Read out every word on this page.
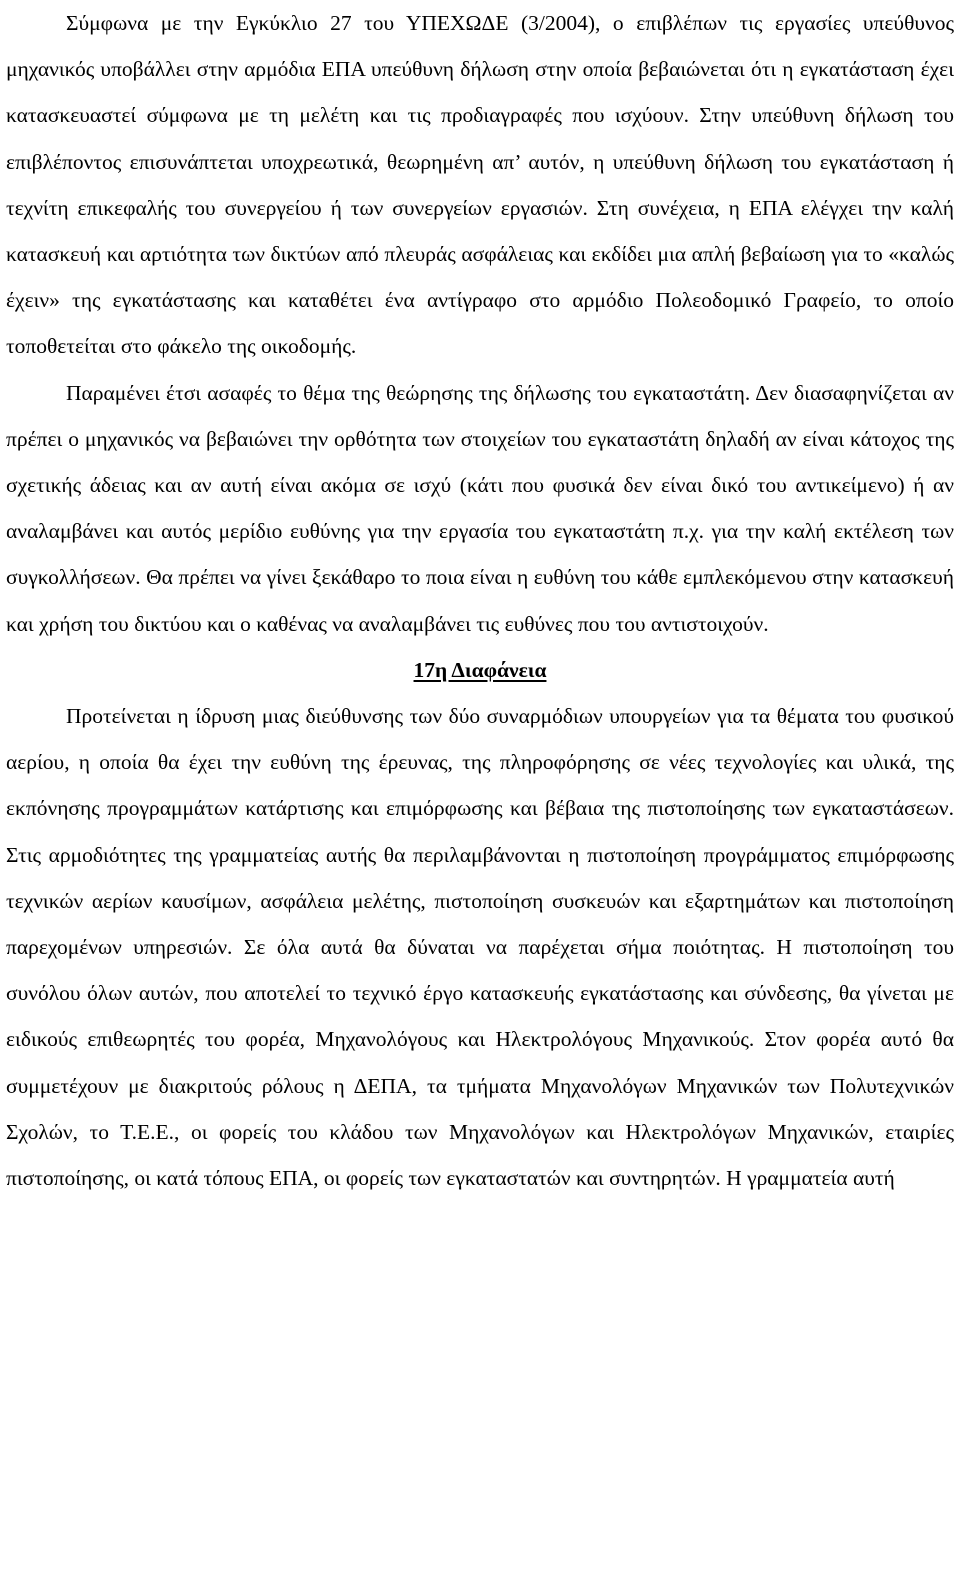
Σύμφωνα με την Εγκύκλιο 27 του ΥΠΕΧΩΔΕ (3/2004), ο επιβλέπων τις εργασίες υπεύθυνος μηχανικός υποβάλλει στην αρμόδια ΕΠΑ υπεύθυνη δήλωση στην οποία βεβαιώνεται ότι η εγκατάσταση έχει κατασκευαστεί σύμφωνα με τη μελέτη και τις προδιαγραφές που ισχύουν. Στην υπεύθυνη δήλωση του επιβλέποντος επισυνάπτεται υποχρεωτικά, θεωρημένη απ’ αυτόν, η υπεύθυνη δήλωση του εγκατάσταση ή τεχνίτη επικεφαλής του συνεργείου ή των συνεργείων εργασιών. Στη συνέχεια, η ΕΠΑ ελέγχει την καλή κατασκευή και αρτιότητα των δικτύων από πλευράς ασφάλειας και εκδίδει μια απλή βεβαίωση για το «καλώς έχειν» της εγκατάστασης και καταθέτει ένα αντίγραφο στο αρμόδιο Πολεοδομικό Γραφείο, το οποίο τοποθετείται στο φάκελο της οικοδομής.

Παραμένει έτσι ασαφές το θέμα της θεώρησης της δήλωσης του εγκαταστάτη. Δεν διασαφηνίζεται αν πρέπει ο μηχανικός να βεβαιώνει την ορθότητα των στοιχείων του εγκαταστάτη δηλαδή αν είναι κάτοχος της σχετικής άδειας και αν αυτή είναι ακόμα σε ισχύ (κάτι που φυσικά δεν είναι δικό του αντικείμενο) ή αν αναλαμβάνει και αυτός μερίδιο ευθύνης για την εργασία του εγκαταστάτη π.χ. για την καλή εκτέλεση των συγκολλήσεων. Θα πρέπει να γίνει ξεκάθαρο το ποια είναι η ευθύνη του κάθε εμπλεκόμενου στην κατασκευή και χρήση του δικτύου και ο καθένας να αναλαμβάνει τις ευθύνες που του αντιστοιχούν.

17η Διαφάνεια

Προτείνεται η ίδρυση μιας διεύθυνσης των δύο συναρμόδιων υπουργείων για τα θέματα του φυσικού αερίου, η οποία θα έχει την ευθύνη της έρευνας, της πληροφόρησης σε νέες τεχνολογίες και υλικά, της εκπόνησης προγραμμάτων κατάρτισης και επιμόρφωσης και βέβαια της πιστοποίησης των εγκαταστάσεων. Στις αρμοδιότητες της γραμματείας αυτής θα περιλαμβάνονται η πιστοποίηση προγράμματος επιμόρφωσης τεχνικών αερίων καυσίμων, ασφάλεια μελέτης, πιστοποίηση συσκευών και εξαρτημάτων και πιστοποίηση παρεχομένων υπηρεσιών. Σε όλα αυτά θα δύναται να παρέχεται σήμα ποιότητας. Η πιστοποίηση του συνόλου όλων αυτών, που αποτελεί το τεχνικό έργο κατασκευής εγκατάστασης και σύνδεσης, θα γίνεται με ειδικούς επιθεωρητές του φορέα, Μηχανολόγους και Ηλεκτρολόγους Μηχανικούς. Στον φορέα αυτό θα συμμετέχουν με διακριτούς ρόλους η ΔΕΠΑ, τα τμήματα Μηχανολόγων Μηχανικών των Πολυτεχνικών Σχολών, το Τ.Ε.Ε., οι φορείς του κλάδου των Μηχανολόγων και Ηλεκτρολόγων Μηχανικών, εταιρίες πιστοποίησης, οι κατά τόπους ΕΠΑ, οι φορείς των εγκαταστατών και συντηρητών. Η γραμματεία αυτή
